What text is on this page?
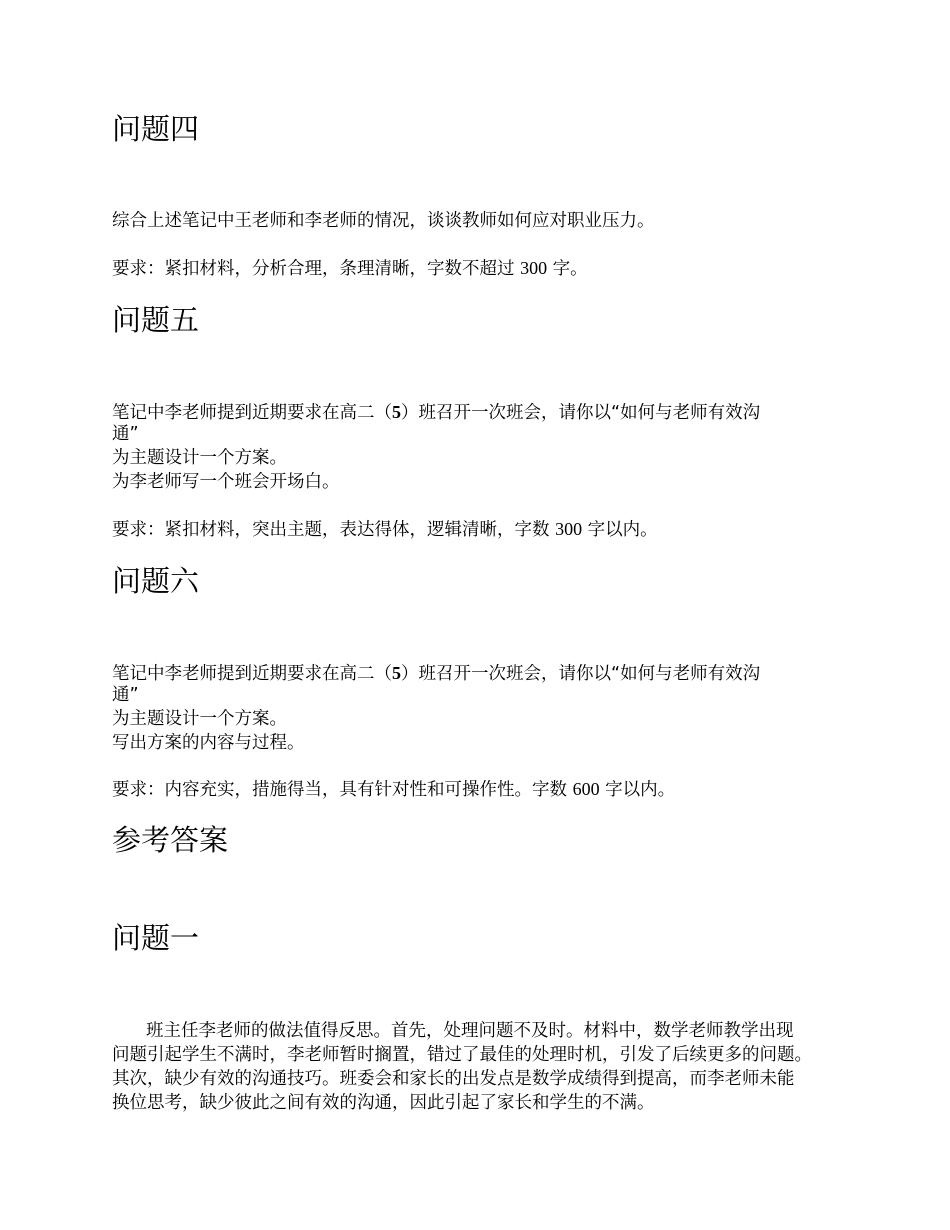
问题四

综合上述笔记中王老师和李老师的情况，谈谈教师如何应对职业压力。

要求：紧扣材料，分析合理，条理清晰，字数不超过 300 字。

问题五

笔记中李老师提到近期要求在高二（5）班召开一次班会，请你以“如何与老师有效沟

通”

为主题设计一个方案。

为李老师写一个班会开场白。

要求：紧扣材料，突出主题，表达得体，逻辑清晰，字数 300 字以内。

问题六

笔记中李老师提到近期要求在高二（5）班召开一次班会，请你以“如何与老师有效沟

通”

为主题设计一个方案。

写出方案的内容与过程。

要求：内容充实，措施得当，具有针对性和可操作性。字数 600 字以内。

参考答案
问题一

班主任李老师的做法值得反思。首先，处理问题不及时。材料中，数学老师教学出现

问题引起学生不满时，李老师暂时搁置，错过了最佳的处理时机，引发了后续更多的问题。

其次，缺少有效的沟通技巧。班委会和家长的出发点是数学成绩得到提高，而李老师未能

换位思考，缺少彼此之间有效的沟通，因此引起了家长和学生的不满。
